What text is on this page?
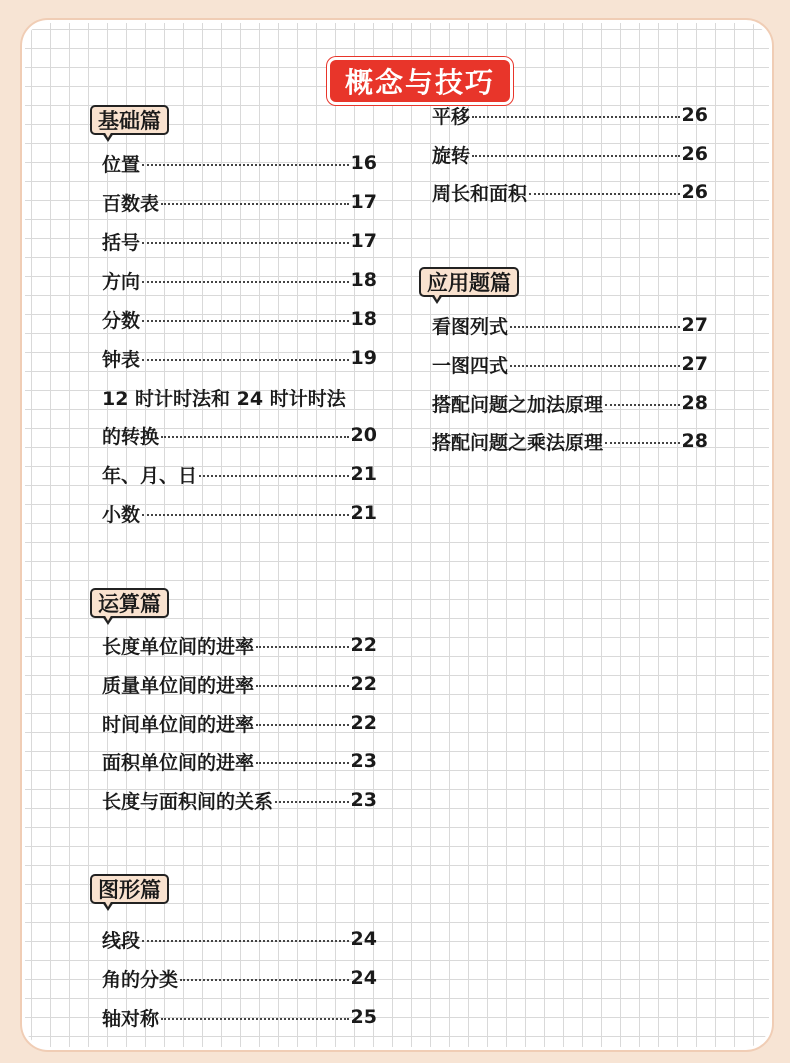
概念与技巧
基础篇
位置	16
百数表	17
括号	17
方向	18
分数	18
钟表	19
12 时计时法和 24 时计时法
的转换	20
年、月、日	21
小数	21
运算篇
长度单位间的进率	22
质量单位间的进率	22
时间单位间的进率	22
面积单位间的进率	23
长度与面积间的关系	23
图形篇
线段	24
角的分类	24
轴对称	25
平移	26
旋转	26
周长和面积	26
应用题篇
看图列式	27
一图四式	27
搭配问题之加法原理	28
搭配问题之乘法原理	28
